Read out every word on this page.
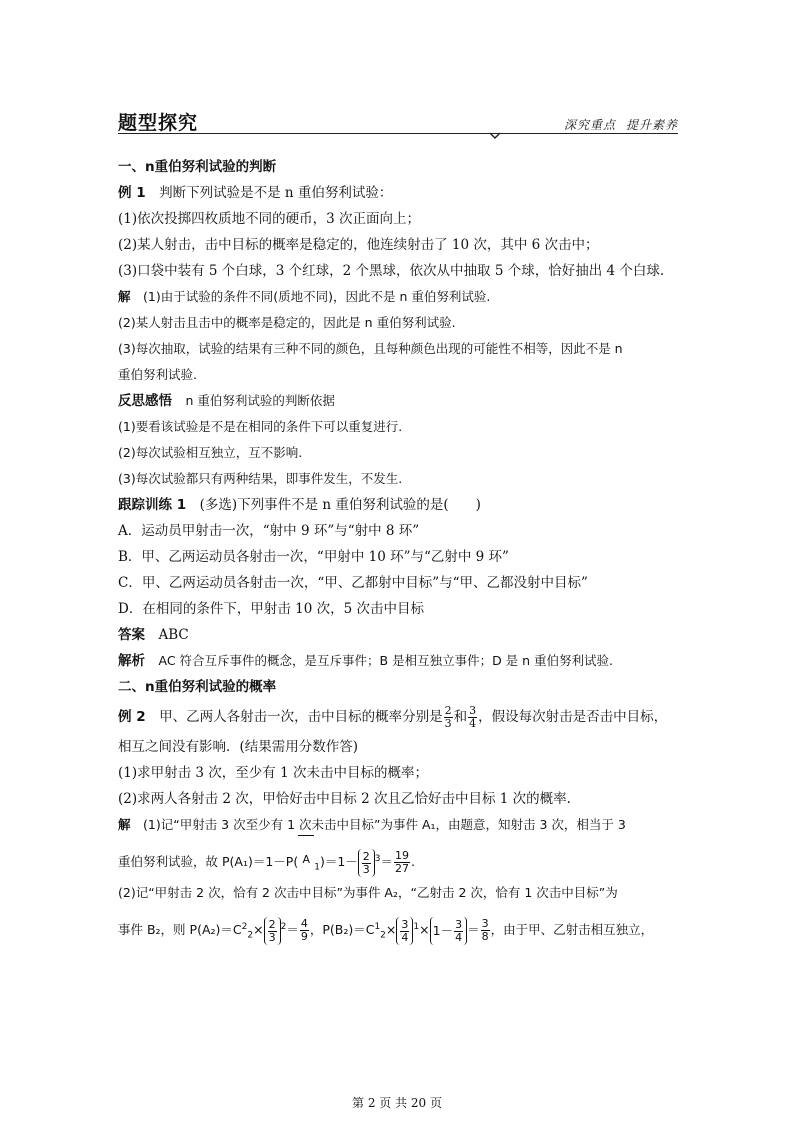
题型探究	深究重点 提升素养
一、n重伯努利试验的判断
例 1　 判断下列试验是不是 n 重伯努利试验：
(1)依次投掷四枚质地不同的硬币，3 次正面向上；
(2)某人射击，击中目标的概率是稳定的，他连续射击了 10 次，其中 6 次击中；
(3)口袋中装有 5 个白球，3 个红球，2 个黑球，依次从中抽取 5 个球，恰好抽出 4 个白球.
解　 (1)由于试验的条件不同(质地不同)，因此不是 n 重伯努利试验.
(2)某人射击且击中的概率是稳定的，因此是 n 重伯努利试验.
(3)每次抽取，试验的结果有三种不同的颜色，且每种颜色出现的可能性不相等，因此不是 n
重伯努利试验.
反思感悟　 n 重伯努利试验的判断依据
(1)要看该试验是不是在相同的条件下可以重复进行.
(2)每次试验相互独立，互不影响.
(3)每次试验都只有两种结果，即事件发生，不发生.
跟踪训练 1　 (多选)下列事件不是 n 重伯努利试验的是(　　)
A．运动员甲射击一次，“射中 9 环”与“射中 8 环”
B．甲、乙两运动员各射击一次，“甲射中 10 环”与“乙射中 9 环”
C．甲、乙两运动员各射击一次，“甲、乙都射中目标”与“甲、乙都没射中目标”
D．在相同的条件下，甲射击 10 次，5 次击中目标
答案　 ABC
解析　 AC 符合互斥事件的概念，是互斥事件；B 是相互独立事件；D 是 n 重伯努利试验.
二、n重伯努利试验的概率
例 2　 甲、乙两人各射击一次，击中目标的概率分别是 $\frac{2}{3}$ 和 $\frac{3}{4}$ ，假设每次射击是否击中目标，
相互之间没有影响．(结果需用分数作答)
(1)求甲射击 3 次，至少有 1 次未击中目标的概率；
(2)求两人各射击 2 次，甲恰好击中目标 2 次且乙恰好击中目标 1 次的概率.
解　 (1)记“甲射击 3 次至少有 1 次未击中目标”为事件 A₁，由题意，知射击 3 次，相当于 3
重伯努利试验，故 P(A₁)＝1－P( $A_1)=1- \frac{2}{3} ^3= \frac{19}{27}$ .
(2)记“甲射击 2 次，恰有 2 次击中目标”为事件 A₂，“乙射击 2 次，恰有 1 次击中目标”为
事件 B₂，则 $P(A_2)=C^2_2\times \frac{2}{3} ^2= \frac{4}{9}$ ，$P(B_2)=C^1_2\times \frac{3}{4} ^1\times 1- \frac{3}{4} = \frac{3}{8}$ ，由于甲、乙射击相互独立，
第 2 页 共 20 页
